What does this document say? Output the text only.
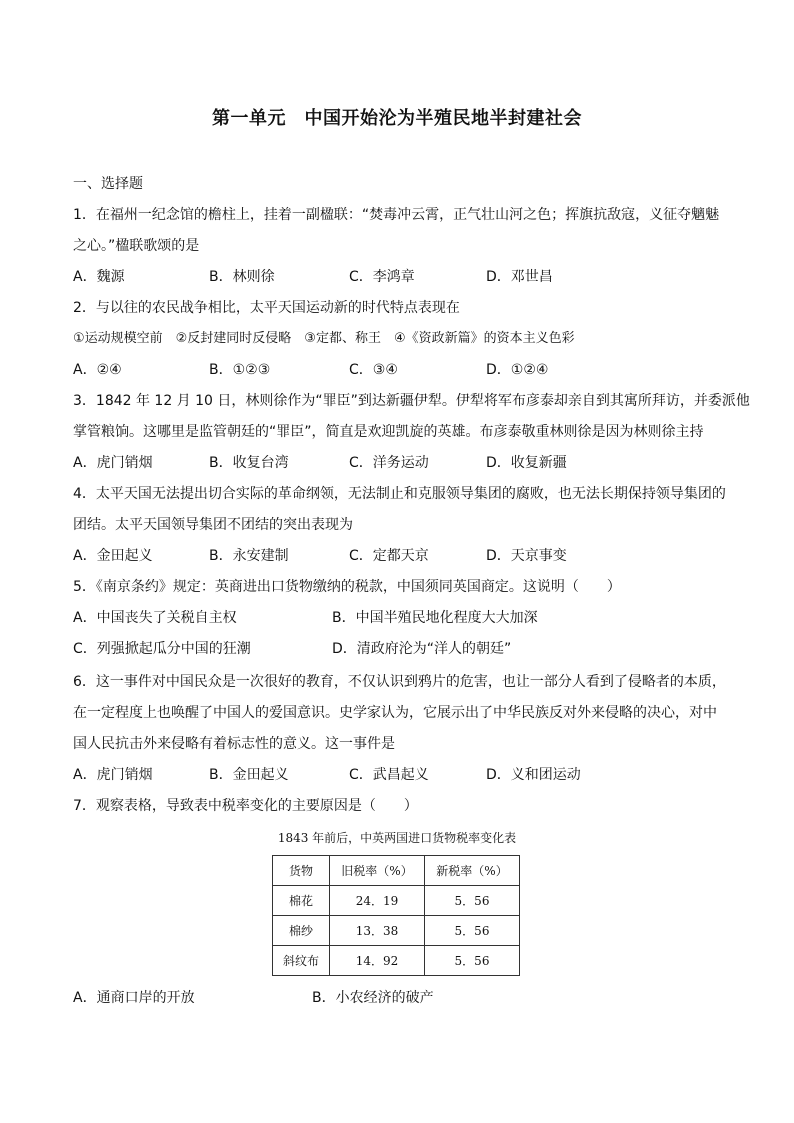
第一单元　中国开始沦为半殖民地半封建社会
一、选择题
1．在福州一纪念馆的檐柱上，挂着一副楹联：“焚毒冲云霄，正气壮山河之色；挥旗抗敌寇，义征夺魑魅
之心。”楹联歌颂的是
A．魏源	B．林则徐	C．李鸿章	D．邓世昌
2．与以往的农民战争相比，太平天国运动新的时代特点表现在
①运动规模空前　②反封建同时反侵略　③定都、称王　④《资政新篇》的资本主义色彩
A．②④	B．①②③	C．③④	D．①②④
3．1842 年 12 月 10 日，林则徐作为“罪臣”到达新疆伊犁。伊犁将军布彦泰却亲自到其寓所拜访，并委派他
掌管粮饷。这哪里是监管朝廷的“罪臣”，简直是欢迎凯旋的英雄。布彦泰敬重林则徐是因为林则徐主持
A．虎门销烟	B．收复台湾	C．洋务运动	D．收复新疆
4．太平天国无法提出切合实际的革命纲领，无法制止和克服领导集团的腐败，也无法长期保持领导集团的
团结。太平天国领导集团不团结的突出表现为
A．金田起义	B．永安建制	C．定都天京	D．天京事变
5．《南京条约》规定：英商进出口货物缴纳的税款，中国须同英国商定。这说明（　　）
A．中国丧失了关税自主权	B．中国半殖民地化程度大大加深
C．列强掀起瓜分中国的狂潮	D．清政府沦为“洋人的朝廷”
6．这一事件对中国民众是一次很好的教育，不仅认识到鸦片的危害，也让一部分人看到了侵略者的本质，
在一定程度上也唤醒了中国人的爱国意识。史学家认为，它展示出了中华民族反对外来侵略的决心，对中
国人民抗击外来侵略有着标志性的意义。这一事件是
A．虎门销烟	B．金田起义	C．武昌起义	D．义和团运动
7．观察表格，导致表中税率变化的主要原因是（　　）
1843 年前后，中英两国进口货物税率变化表
货物	旧税率（%）	新税率（%）
棉花	24．19	5．56
棉纱	13．38	5．56
斜纹布	14．92	5．56
A．通商口岸的开放	B．小农经济的破产
